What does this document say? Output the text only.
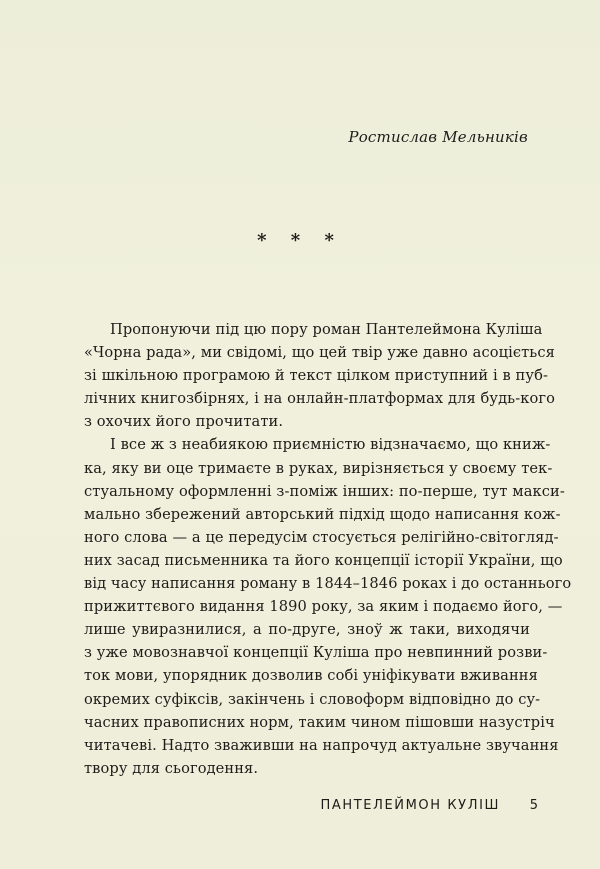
Ростислав Мельників
* * *
Пропонуючи під цю пору роман Пантелеймона Куліша
«Чорна рада», ми свідомі, що цей твір уже давно асоціється
зі шкільною програмою й текст цілком приступний і в пуб-
лічних книгозбірнях, і на онлайн-платформах для будь-кого
з охочих його прочитати.
І все ж з неабиякою приємністю відзначаємо, що книж-
ка, яку ви оце тримаєте в руках, вирізняється у своєму тек-
стуальному оформленні з-поміж інших: по-перше, тут макси-
мально збережений авторський підхід щодо написання кож-
ного слова — а це передусім стосується релігійно-світогляд-
них засад письменника та його концепції історії України, що
від часу написання роману в 1844–1846 роках і до останнього
прижиттєвого видання 1890 року, за яким і подаємо його, —
лише увиразнилися, а по-друге, зноў ж таки, виходячи
з уже мовознавчої концепції Куліша про невпинний розви-
ток мови, упорядник дозволив собі уніфікувати вживання
окремих суфіксів, закінчень і словоформ відповідно до су-
часних правописних норм, таким чином пішовши назустріч
читачеві. Надто зваживши на напрочуд актуальне звучання
твору для сьогодення.
ПАНТЕЛЕЙМОН КУЛІШ 5
